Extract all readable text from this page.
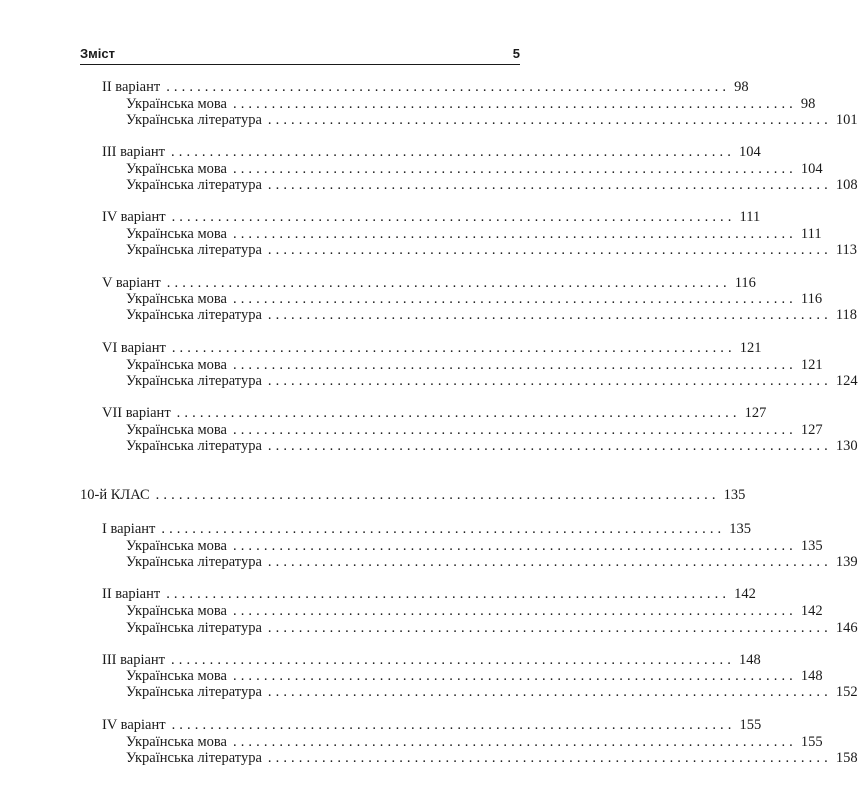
Зміст	5
II варіант ......................................................................... 98
Українська мова ......................................................................... 98
Українська література ......................................................................... 101
III варіант ......................................................................... 104
Українська мова ......................................................................... 104
Українська література ......................................................................... 108
IV варіант ......................................................................... 111
Українська мова ......................................................................... 111
Українська література ......................................................................... 113
V варіант ......................................................................... 116
Українська мова ......................................................................... 116
Українська література ......................................................................... 118
VI варіант ......................................................................... 121
Українська мова ......................................................................... 121
Українська література ......................................................................... 124
VII варіант ......................................................................... 127
Українська мова ......................................................................... 127
Українська література ......................................................................... 130
10-й КЛАС ......................................................................... 135
I варіант ......................................................................... 135
Українська мова ......................................................................... 135
Українська література ......................................................................... 139
II варіант ......................................................................... 142
Українська мова ......................................................................... 142
Українська література ......................................................................... 146
III варіант ......................................................................... 148
Українська мова ......................................................................... 148
Українська література ......................................................................... 152
IV варіант ......................................................................... 155
Українська мова ......................................................................... 155
Українська література ......................................................................... 158
